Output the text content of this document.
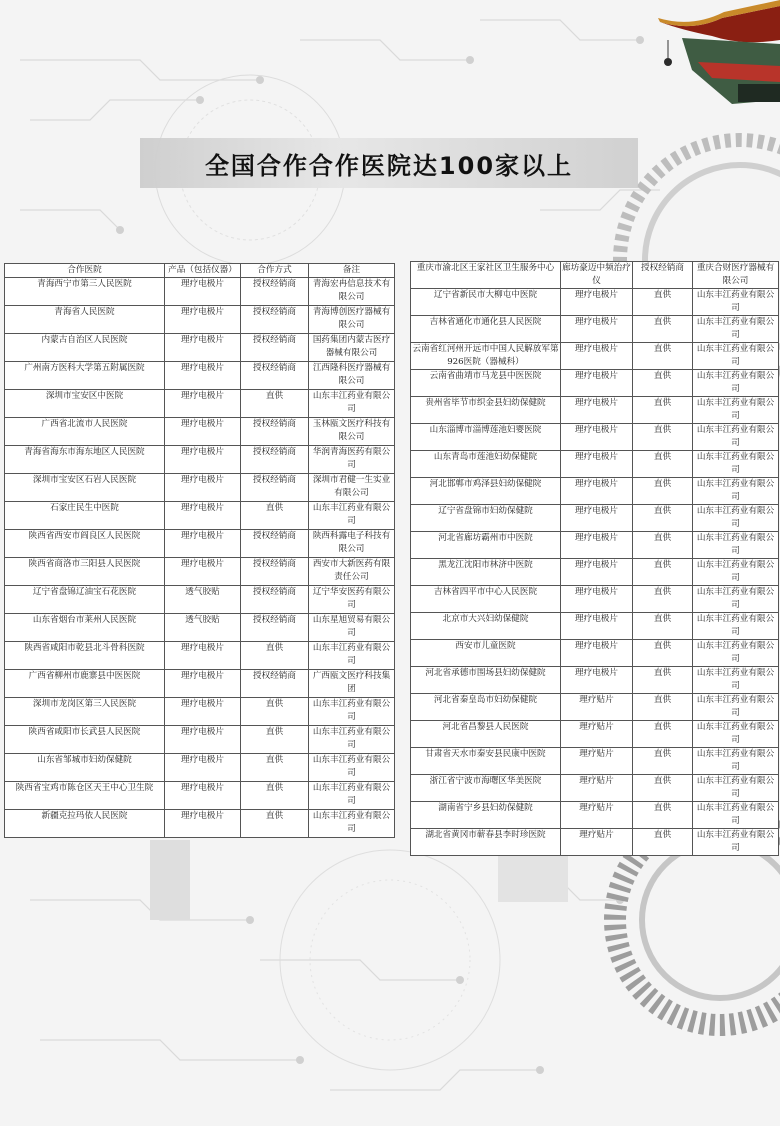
全国合作合作医院达100家以上
合作医院	产品（包括仪器）	合作方式	备注
青海西宁市第三人民医院	理疗电极片	授权经销商	青海宏冉信息技术有限公司
青海省人民医院	理疗电极片	授权经销商	青海博创医疗器械有限公司
内蒙古自治区人民医院	理疗电极片	授权经销商	国药集团内蒙古医疗器械有限公司
广州南方医科大学第五附属医院	理疗电极片	授权经销商	江西隆科医疗器械有限公司
深圳市宝安区中医院	理疗电极片	直供	山东丰江药业有限公司
广西省北流市人民医院	理疗电极片	授权经销商	玉林瓯文医疗科技有限公司
青海省海东市海东地区人民医院	理疗电极片	授权经销商	华润青海医药有限公司
深圳市宝安区石岩人民医院	理疗电极片	授权经销商	深圳市君健一生实业有限公司
石家庄民生中医院	理疗电极片	直供	山东丰江药业有限公司
陕西省西安市阎良区人民医院	理疗电极片	授权经销商	陕西科露电子科技有限公司
陕西省商洛市三阳县人民医院	理疗电极片	授权经销商	西安市大新医药有限责任公司
辽宁省盘锦辽油宝石花医院	透气胶贴	授权经销商	辽宁华安医药有限公司
山东省烟台市莱州人民医院	透气胶贴	授权经销商	山东星旭贸易有限公司
陕西省咸阳市乾县北斗骨科医院	理疗电极片	直供	山东丰江药业有限公司
广西省柳州市鹿寨县中医医院	理疗电极片	授权经销商	广西瓯文医疗科技集团
深圳市龙岗区第三人民医院	理疗电极片	直供	山东丰江药业有限公司
陕西省咸阳市长武县人民医院	理疗电极片	直供	山东丰江药业有限公司
山东省邹城市妇幼保健院	理疗电极片	直供	山东丰江药业有限公司
陕西省宝鸡市陈仓区天王中心卫生院	理疗电极片	直供	山东丰江药业有限公司
新疆克拉玛依人民医院	理疗电极片	直供	山东丰江药业有限公司
重庆市渝北区王家社区卫生服务中心	廊坊豪迈中频治疗仪	授权经销商	重庆合财医疗器械有限公司
辽宁省新民市大柳屯中医院	理疗电极片	直供	山东丰江药业有限公司
吉林省通化市通化县人民医院	理疗电极片	直供	山东丰江药业有限公司
云南省红河州开远市中国人民解放军第926医院（器械科）	理疗电极片	直供	山东丰江药业有限公司
云南省曲靖市马龙县中医医院	理疗电极片	直供	山东丰江药业有限公司
贵州省毕节市织金县妇幼保健院	理疗电极片	直供	山东丰江药业有限公司
山东淄博市淄博莲池妇婴医院	理疗电极片	直供	山东丰江药业有限公司
山东青岛市莲池妇幼保健院	理疗电极片	直供	山东丰江药业有限公司
河北邯郸市鸡泽县妇幼保健院	理疗电极片	直供	山东丰江药业有限公司
辽宁省盘锦市妇幼保健院	理疗电极片	直供	山东丰江药业有限公司
河北省廊坊霸州市中医院	理疗电极片	直供	山东丰江药业有限公司
黑龙江沈阳市林济中医院	理疗电极片	直供	山东丰江药业有限公司
吉林省四平市中心人民医院	理疗电极片	直供	山东丰江药业有限公司
北京市大兴妇幼保健院	理疗电极片	直供	山东丰江药业有限公司
西安市儿童医院	理疗电极片	直供	山东丰江药业有限公司
河北省承德市围场县妇幼保健院	理疗电极片	直供	山东丰江药业有限公司
河北省秦皇岛市妇幼保健院	理疗贴片	直供	山东丰江药业有限公司
河北省昌黎县人民医院	理疗贴片	直供	山东丰江药业有限公司
甘肃省天水市秦安县民康中医院	理疗贴片	直供	山东丰江药业有限公司
浙江省宁波市海曙区华美医院	理疗贴片	直供	山东丰江药业有限公司
湖南省宁乡县妇幼保健院	理疗贴片	直供	山东丰江药业有限公司
湖北省黄冈市蕲春县李时珍医院	理疗贴片	直供	山东丰江药业有限公司
